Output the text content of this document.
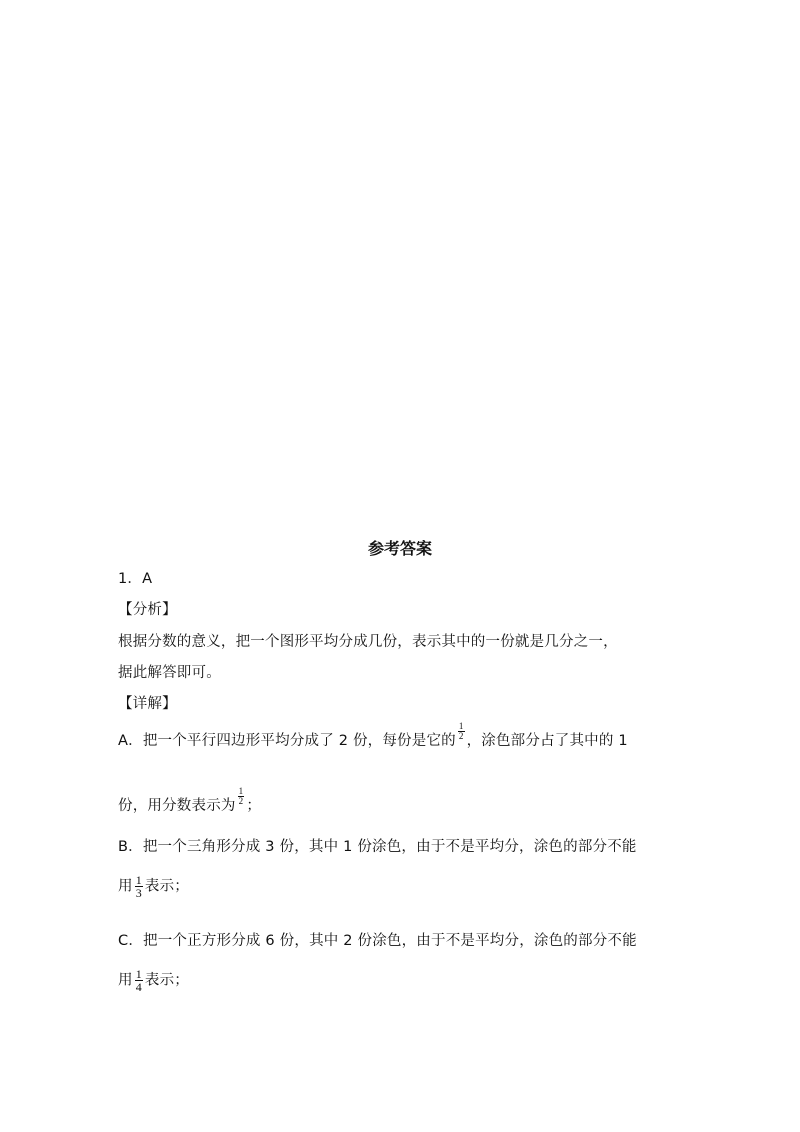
参考答案
1．A
【分析】
根据分数的意义，把一个图形平均分成几份，表示其中的一份就是几分之一，
据此解答即可。
【详解】
A．把一个平行四边形平均分成了 2 份，每份是它的
$\frac{1}{2}$
，涂色部分占了其中的 1
份，用分数表示为
$\frac{1}{2}$
；
B．把一个三角形分成 3 份，其中 1 份涂色，由于不是平均分，涂色的部分不能
用 $\frac{1}{3}$ 表示；
C．把一个正方形分成 6 份，其中 2 份涂色，由于不是平均分，涂色的部分不能
用 $\frac{1}{4}$ 表示；
